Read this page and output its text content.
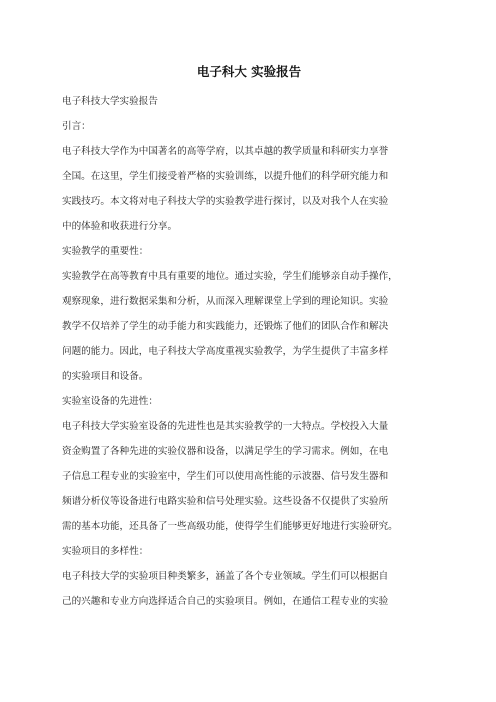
电子科大 实验报告
电子科技大学实验报告
引言：
电子科技大学作为中国著名的高等学府，以其卓越的教学质量和科研实力享誉
全国。在这里，学生们接受着严格的实验训练，以提升他们的科学研究能力和
实践技巧。本文将对电子科技大学的实验教学进行探讨，以及对我个人在实验
中的体验和收获进行分享。
实验教学的重要性：
实验教学在高等教育中具有重要的地位。通过实验，学生们能够亲自动手操作，
观察现象，进行数据采集和分析，从而深入理解课堂上学到的理论知识。实验
教学不仅培养了学生的动手能力和实践能力，还锻炼了他们的团队合作和解决
问题的能力。因此，电子科技大学高度重视实验教学，为学生提供了丰富多样
的实验项目和设备。
实验室设备的先进性：
电子科技大学实验室设备的先进性也是其实验教学的一大特点。学校投入大量
资金购置了各种先进的实验仪器和设备，以满足学生的学习需求。例如，在电
子信息工程专业的实验室中，学生们可以使用高性能的示波器、信号发生器和
频谱分析仪等设备进行电路实验和信号处理实验。这些设备不仅提供了实验所
需的基本功能，还具备了一些高级功能，使得学生们能够更好地进行实验研究。
实验项目的多样性：
电子科技大学的实验项目种类繁多，涵盖了各个专业领域。学生们可以根据自
己的兴趣和专业方向选择适合自己的实验项目。例如，在通信工程专业的实验
